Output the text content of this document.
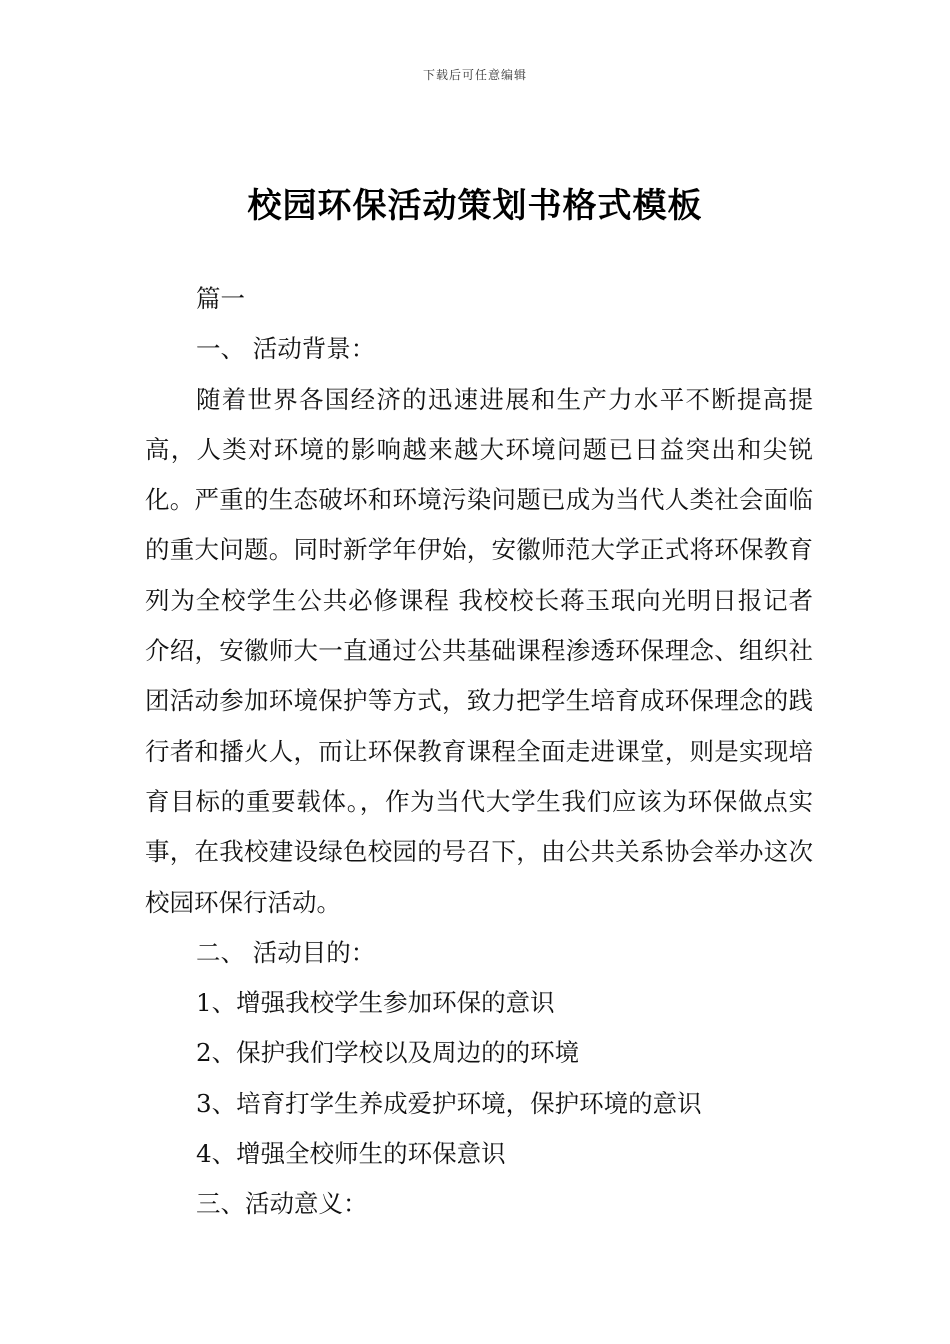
下载后可任意编辑
校园环保活动策划书格式模板

篇一

一、 活动背景：

随着世界各国经济的迅速进展和生产力水平不断提高提高，人类对环境的影响越来越大环境问题已日益突出和尖锐化。严重的生态破坏和环境污染问题已成为当代人类社会面临的重大问题。同时新学年伊始，安徽师范大学正式将环保教育列为全校学生公共必修课程 我校校长蒋玉珉向光明日报记者介绍，安徽师大一直通过公共基础课程渗透环保理念、组织社团活动参加环境保护等方式，致力把学生培育成环保理念的践行者和播火人，而让环保教育课程全面走进课堂，则是实现培育目标的重要载体。，作为当代大学生我们应该为环保做点实事，在我校建设绿色校园的号召下，由公共关系协会举办这次校园环保行活动。

二、 活动目的：

1、增强我校学生参加环保的意识

2、保护我们学校以及周边的的环境

3、培育打学生养成爱护环境，保护环境的意识

4、增强全校师生的环保意识

三、活动意义：
